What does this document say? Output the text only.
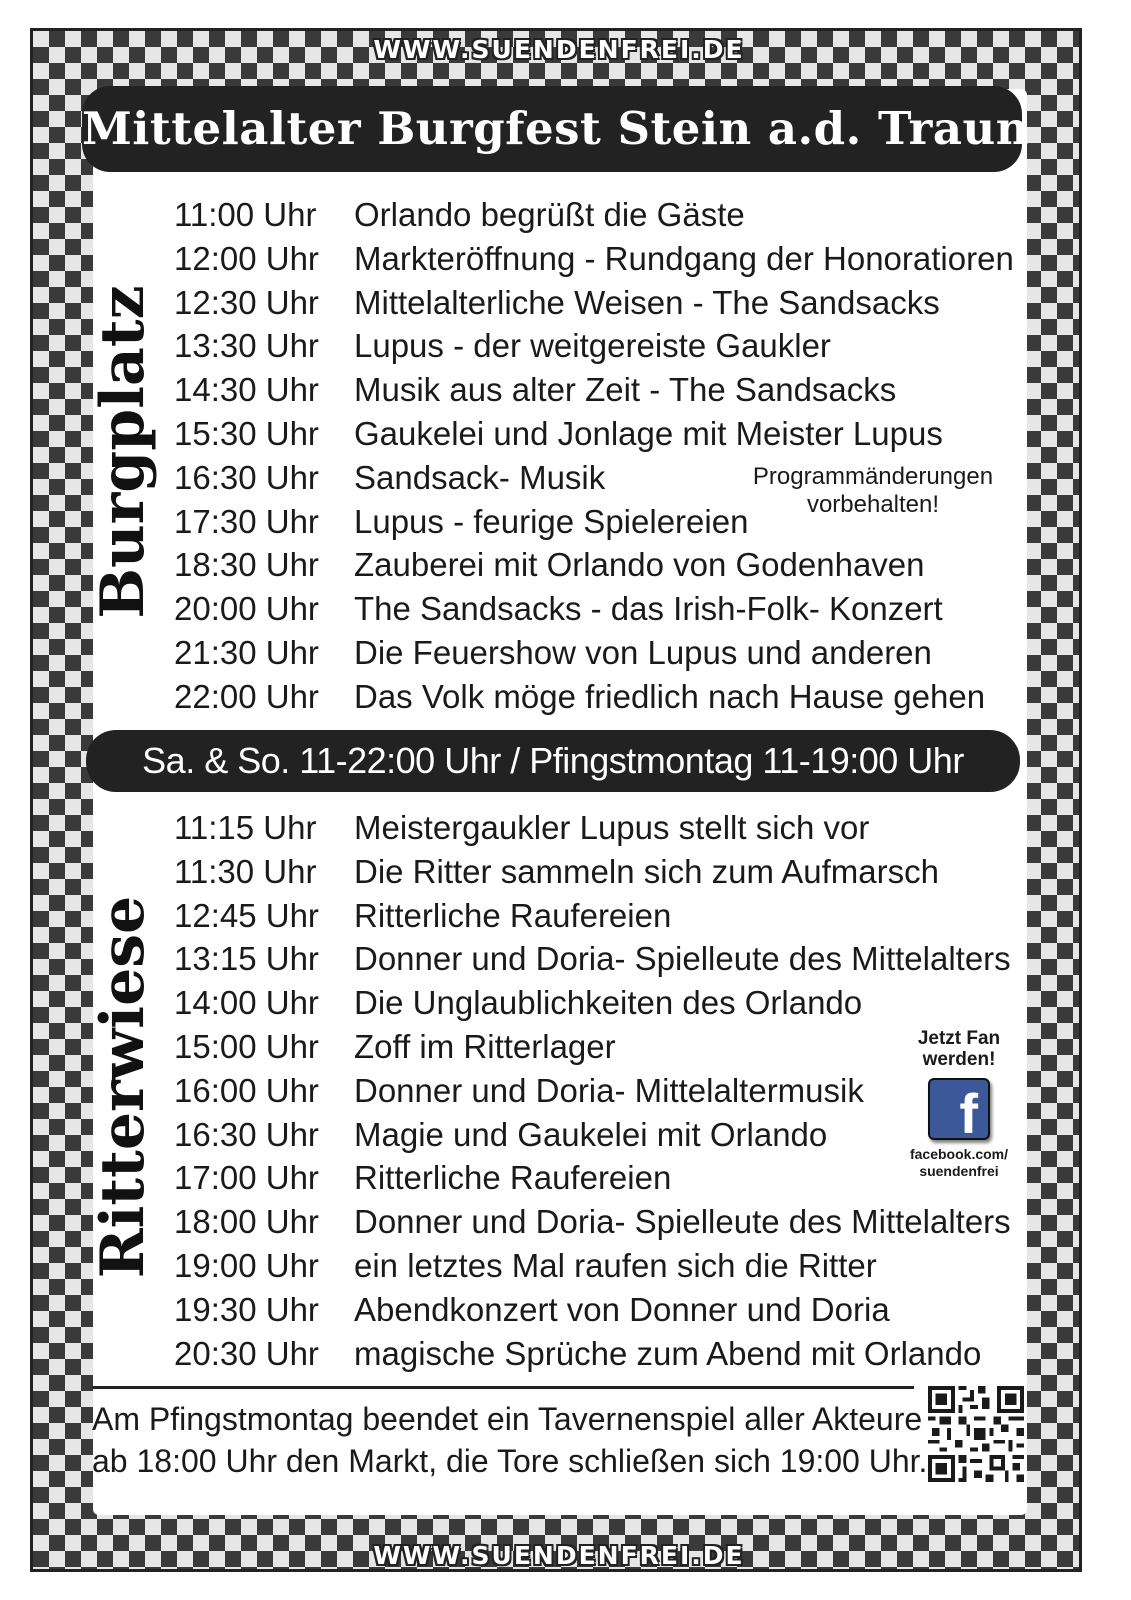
WWW.SUENDENFREI.DE
WWW.SUENDENFREI.DE
Mittelalter Burgfest Stein a.d. Traun
Burgplatz
11:00 Uhr Orlando begrüßt die Gäste
12:00 Uhr Markteröffnung - Rundgang der Honoratioren
12:30 Uhr Mittelalterliche Weisen - The Sandsacks
13:30 Uhr Lupus - der weitgereiste Gaukler
14:30 Uhr Musik aus alter Zeit - The Sandsacks
15:30 Uhr Gaukelei und Jonlage mit Meister Lupus
16:30 Uhr Sandsack- Musik
17:30 Uhr Lupus - feurige Spielereien
18:30 Uhr Zauberei mit Orlando von Godenhaven
20:00 Uhr The Sandsacks - das Irish-Folk- Konzert
21:30 Uhr Die Feuershow von Lupus und anderen
22:00 Uhr Das Volk möge friedlich nach Hause gehen
Programmänderungen
vorbehalten!
Sa. & So. 11-22:00 Uhr / Pfingstmontag 11-19:00 Uhr
Ritterwiese
11:15 Uhr Meistergaukler Lupus stellt sich vor
11:30 Uhr Die Ritter sammeln sich zum Aufmarsch
12:45 Uhr Ritterliche Raufereien
13:15 Uhr Donner und Doria- Spielleute des Mittelalters
14:00 Uhr Die Unglaublichkeiten des Orlando
15:00 Uhr Zoff im Ritterlager
16:00 Uhr Donner und Doria- Mittelaltermusik
16:30 Uhr Magie und Gaukelei mit Orlando
17:00 Uhr Ritterliche Raufereien
18:00 Uhr Donner und Doria- Spielleute des Mittelalters
19:00 Uhr ein letztes Mal raufen sich die Ritter
19:30 Uhr Abendkonzert von Donner und Doria
20:30 Uhr magische Sprüche zum Abend mit Orlando
Jetzt Fan
werden!
f
facebook.com/
suendenfrei
Am Pfingstmontag beendet ein Tavernenspiel aller Akteure
ab 18:00 Uhr den Markt, die Tore schließen sich 19:00 Uhr.
